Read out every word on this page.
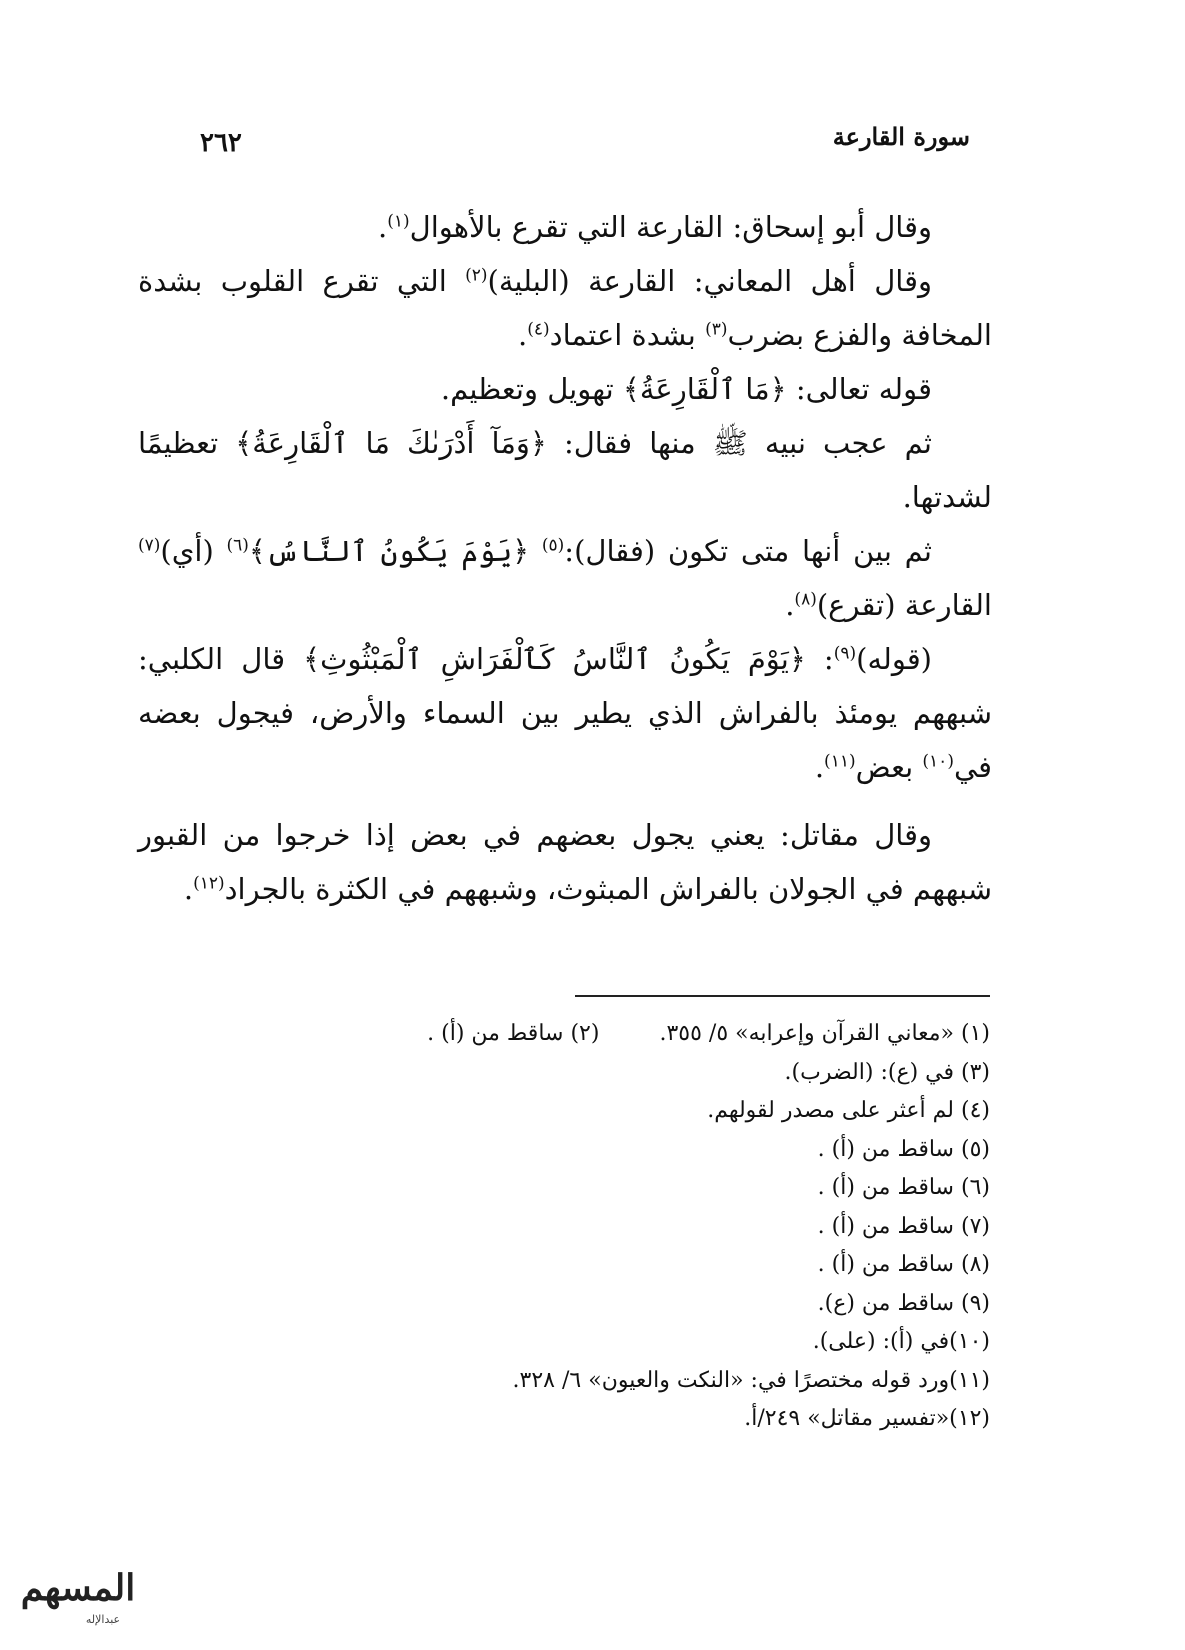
سورة القارعة
٢٦٢

وقال أبو إسحاق: القارعة التي تقرع بالأهوال$^{(١)}$.

وقال أهل المعاني: القارعة (البلية)$^{(٢)}$ التي تقرع القلوب بشدة المخافة والفزع بضرب$^{(٣)}$ بشدة اعتماد$^{(٤)}$.

قوله تعالى: ﴿مَا ٱلْقَارِعَةُ﴾ تهويل وتعظيم.

ثم عجب نبيه ﷺ منها فقال: ﴿وَمَآ أَدْرَىٰكَ مَا ٱلْقَارِعَةُ﴾ تعظيمًا لشدتها.

ثم بين أنها متى تكون (فقال):$^{(٥)}$ ﴿يَوْمَ يَكُونُ ٱلنَّاسُ﴾$^{(٦)}$ (أي)$^{(٧)}$ القارعة (تقرع)$^{(٨)}$.

(قوله)$^{(٩)}$: ﴿يَوْمَ يَكُونُ ٱلنَّاسُ كَٱلْفَرَاشِ ٱلْمَبْثُوثِ﴾ قال الكلبي: شبههم يومئذ بالفراش الذي يطير بين السماء والأرض، فيجول بعضه في$^{(١٠)}$ بعض$^{(١١)}$.

وقال مقاتل: يعني يجول بعضهم في بعض إذا خرجوا من القبور شبههم في الجولان بالفراش المبثوث، وشبههم في الكثرة بالجراد$^{(١٢)}$.

(١) «معاني القرآن وإعرابه» ٥/ ٣٥٥.
(٢) ساقط من (أ) .
(٣) في (ع): (الضرب).
(٤) لم أعثر على مصدر لقولهم.
(٥) ساقط من (أ) .
(٦) ساقط من (أ) .
(٧) ساقط من (أ) .
(٨) ساقط من (أ) .
(٩) ساقط من (ع).
(١٠)في (أ): (على).
(١١)ورد قوله مختصرًا في: «النكت والعيون» ٦/ ٣٢٨.
(١٢)«تفسير مقاتل» ٢٤٩/أ.
المسهم
عبدالإله
